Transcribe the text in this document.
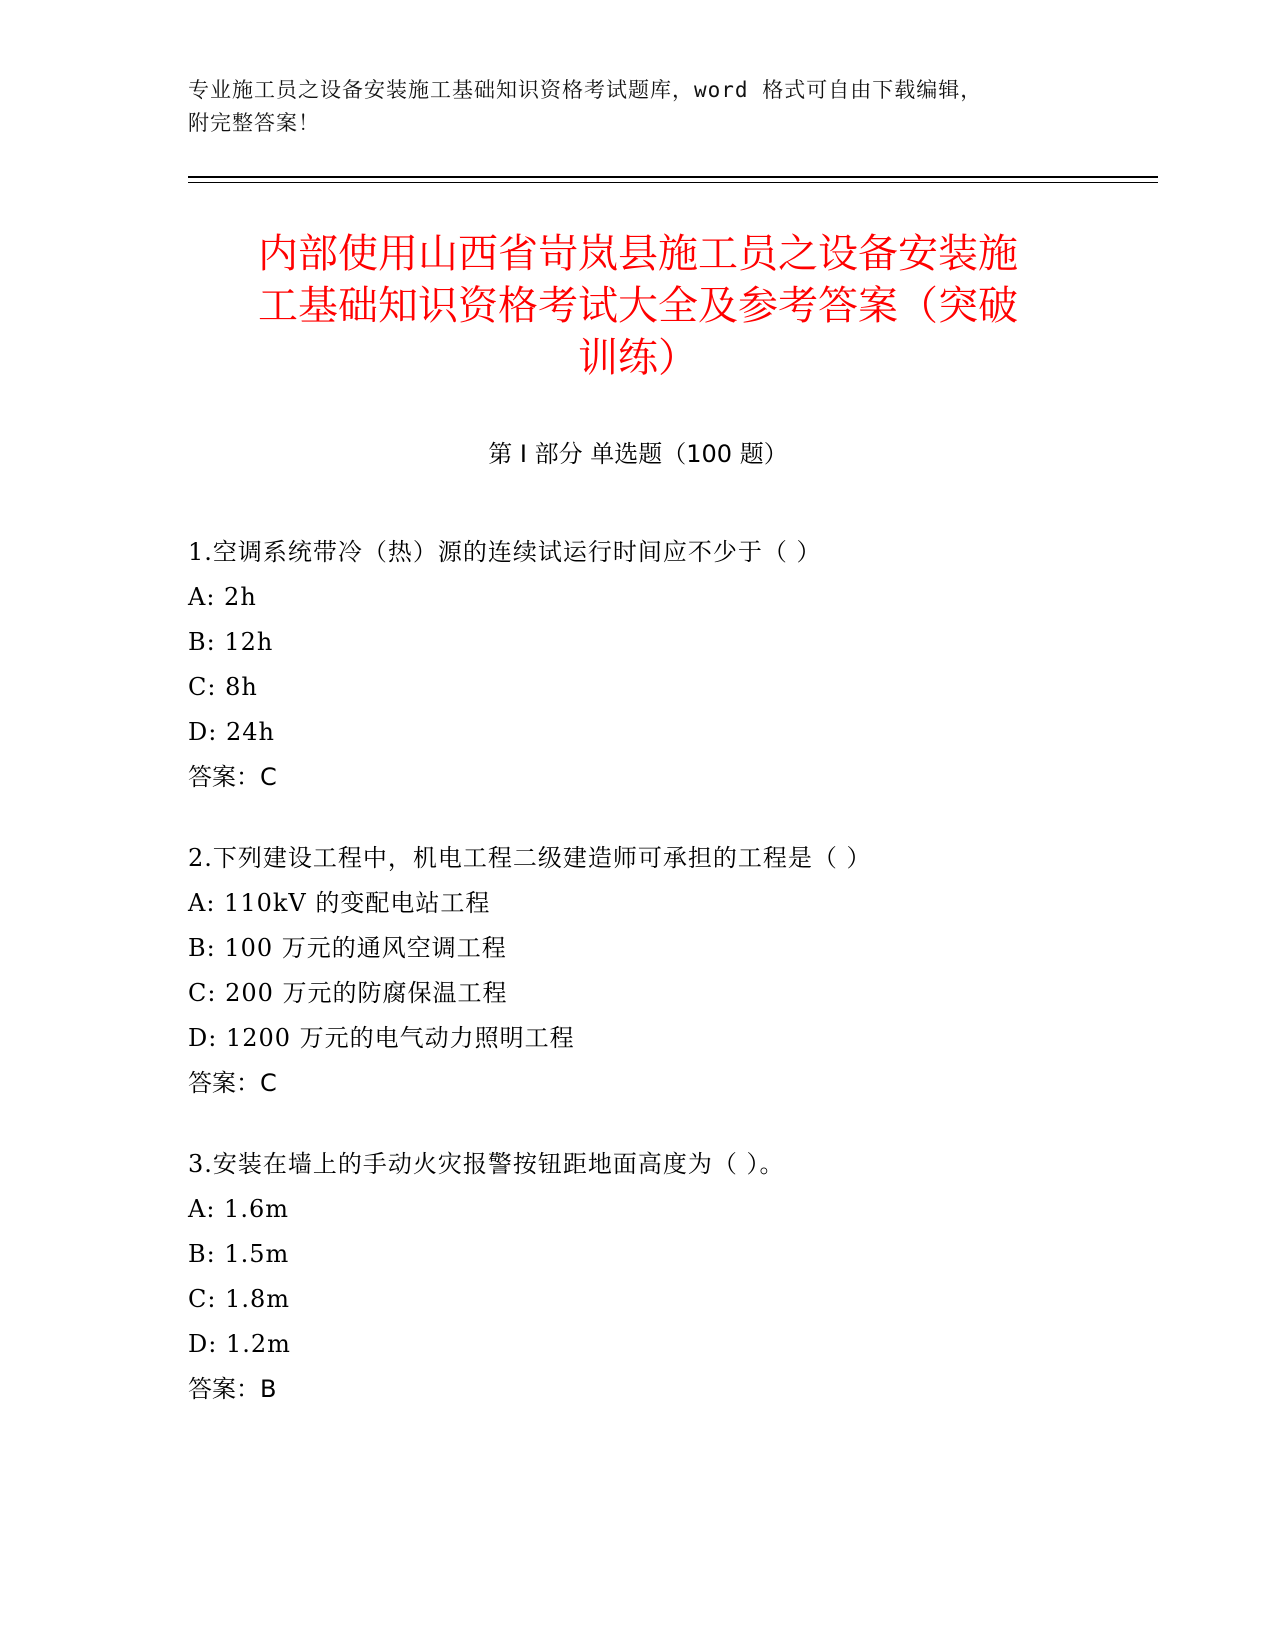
专业施工员之设备安装施工基础知识资格考试题库，word 格式可自由下载编辑，
附完整答案！
内部使用山西省岢岚县施工员之设备安装施
工基础知识资格考试大全及参考答案（突破
训练）
第 I 部分 单选题（100 题）
1.空调系统带冷（热）源的连续试运行时间应不少于（ ）
A: 2h
B: 12h
C: 8h
D: 24h
答案：C
2.下列建设工程中，机电工程二级建造师可承担的工程是（ ）
A: 110kV 的变配电站工程
B: 100 万元的通风空调工程
C: 200 万元的防腐保温工程
D: 1200 万元的电气动力照明工程
答案：C
3.安装在墙上的手动火灾报警按钮距地面高度为（ ）。
A: 1.6m
B: 1.5m
C: 1.8m
D: 1.2m
答案：B
